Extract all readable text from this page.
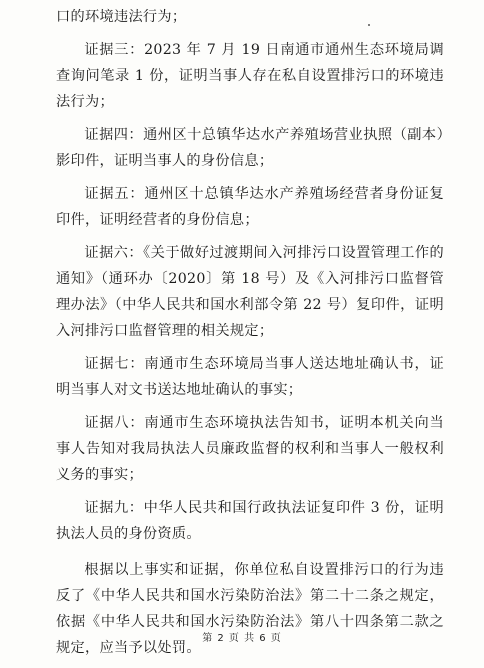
口的环境违法行为；

证据三：2023 年 7 月 19 日南通市通州生态环境局调查询问笔录 1 份，证明当事人存在私自设置排污口的环境违法行为；

证据四：通州区十总镇华达水产养殖场营业执照（副本）影印件，证明当事人的身份信息；

证据五：通州区十总镇华达水产养殖场经营者身份证复印件，证明经营者的身份信息；

证据六：《关于做好过渡期间入河排污口设置管理工作的通知》（通环办〔2020〕第 18 号）及《入河排污口监督管理办法》（中华人民共和国水利部令第 22 号）复印件，证明入河排污口监督管理的相关规定；

证据七：南通市生态环境局当事人送达地址确认书，证明当事人对文书送达地址确认的事实；

证据八：南通市生态环境执法告知书，证明本机关向当事人告知对我局执法人员廉政监督的权利和当事人一般权利义务的事实；

证据九：中华人民共和国行政执法证复印件 3 份，证明执法人员的身份资质。

根据以上事实和证据，你单位私自设置排污口的行为违反了《中华人民共和国水污染防治法》第二十二条之规定，依据《中华人民共和国水污染防治法》第八十四条第二款之规定，应当予以处罚。

第 2 页 共 6 页
